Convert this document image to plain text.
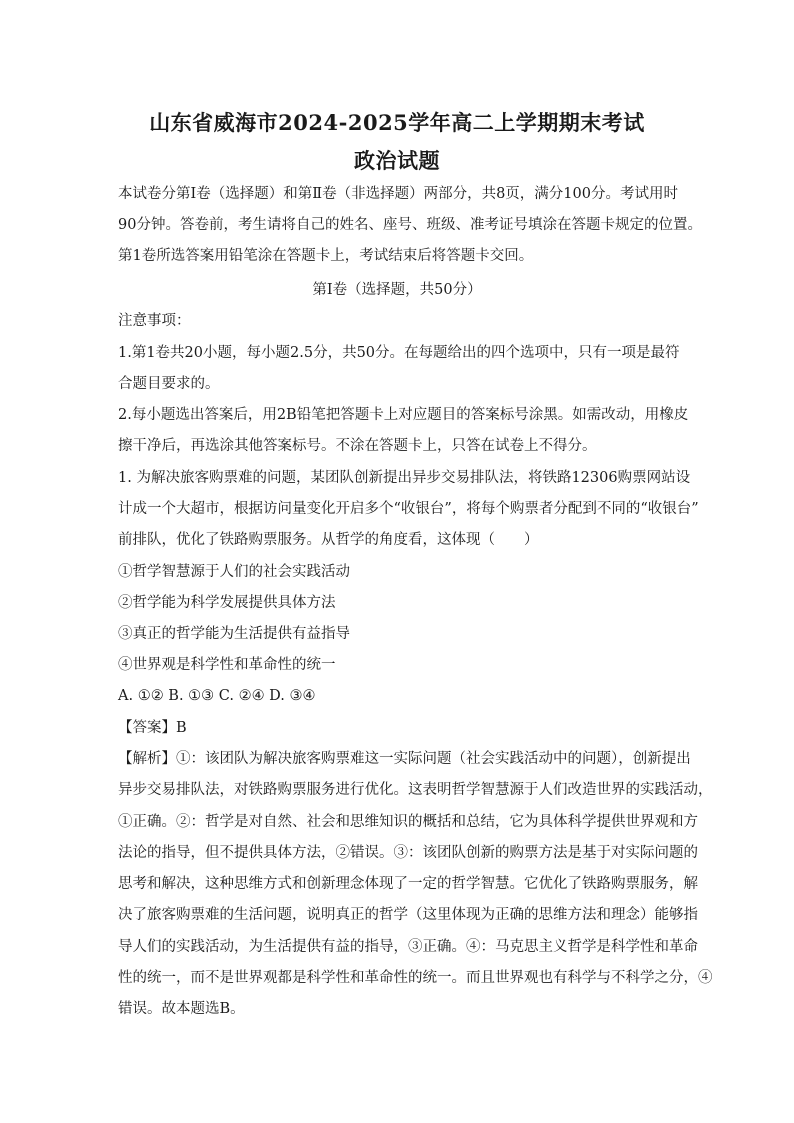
山东省威海市2024-2025学年高二上学期期末考试
政治试题
本试卷分第Ⅰ卷（选择题）和第Ⅱ卷（非选择题）两部分，共8页，满分100分。考试用时
90分钟。答卷前，考生请将自己的姓名、座号、班级、准考证号填涂在答题卡规定的位置。
第1卷所选答案用铅笔涂在答题卡上，考试结束后将答题卡交回。
第Ⅰ卷（选择题，共50分）
注意事项：
1.第1卷共20小题，每小题2.5分，共50分。在每题给出的四个选项中，只有一项是最符
合题目要求的。
2.每小题选出答案后，用2B铅笔把答题卡上对应题目的答案标号涂黑。如需改动，用橡皮
擦干净后，再选涂其他答案标号。不涂在答题卡上，只答在试卷上不得分。
1. 为解决旅客购票难的问题，某团队创新提出异步交易排队法，将铁路12306购票网站设
计成一个大超市，根据访问量变化开启多个“收银台”，将每个购票者分配到不同的“收银台”
前排队，优化了铁路购票服务。从哲学的角度看，这体现（　　）
①哲学智慧源于人们的社会实践活动
②哲学能为科学发展提供具体方法
③真正的哲学能为生活提供有益指导
④世界观是科学性和革命性的统一
A. ①② B. ①③ C. ②④ D. ③④
【答案】B
【解析】①：该团队为解决旅客购票难这一实际问题（社会实践活动中的问题），创新提出
异步交易排队法，对铁路购票服务进行优化。这表明哲学智慧源于人们改造世界的实践活动，
①正确。②：哲学是对自然、社会和思维知识的概括和总结，它为具体科学提供世界观和方
法论的指导，但不提供具体方法，②错误。③：该团队创新的购票方法是基于对实际问题的
思考和解决，这种思维方式和创新理念体现了一定的哲学智慧。它优化了铁路购票服务，解
决了旅客购票难的生活问题，说明真正的哲学（这里体现为正确的思维方法和理念）能够指
导人们的实践活动，为生活提供有益的指导，③正确。④：马克思主义哲学是科学性和革命
性的统一，而不是世界观都是科学性和革命性的统一。而且世界观也有科学与不科学之分，④
错误。故本题选B。
